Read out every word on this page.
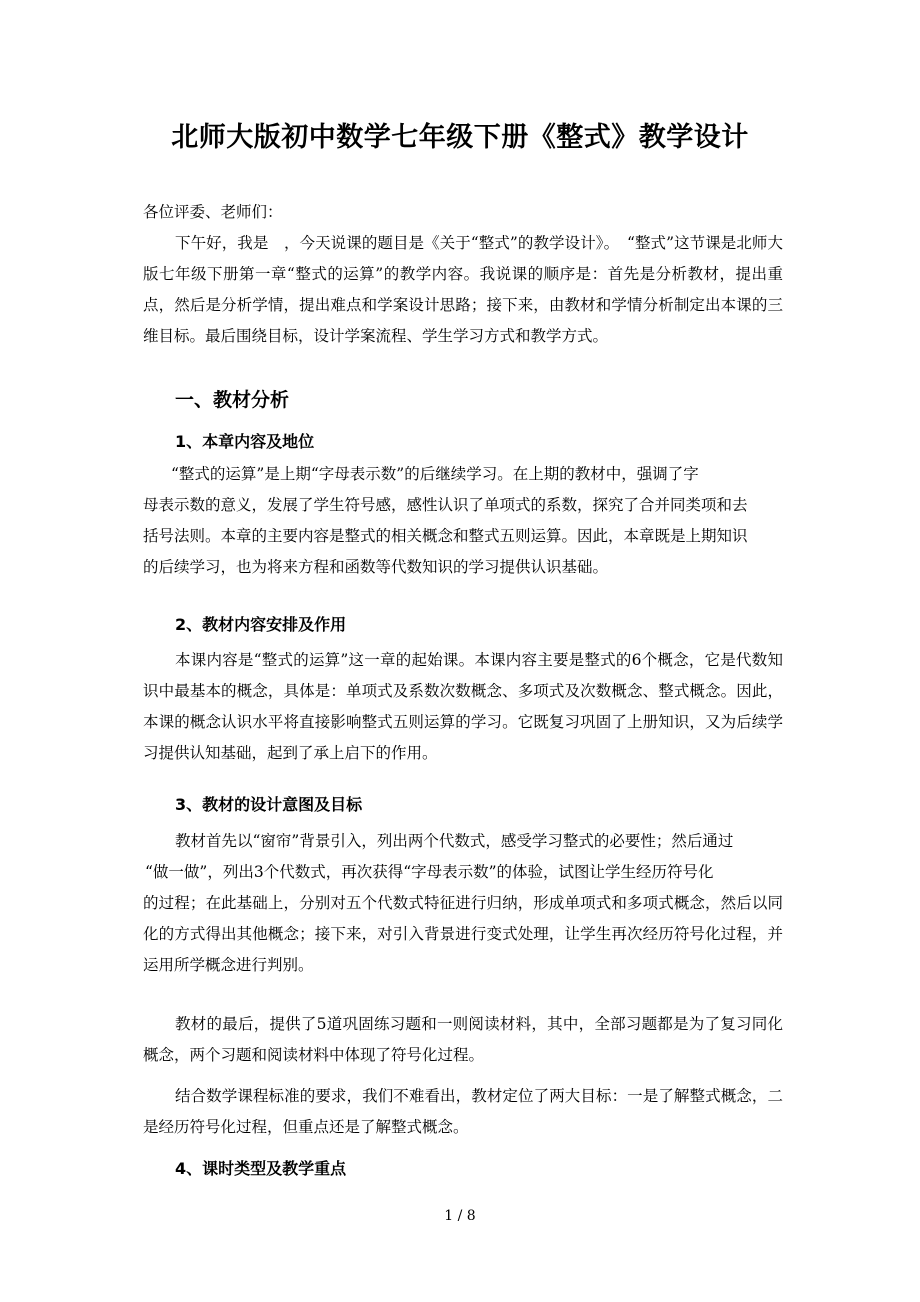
北师大版初中数学七年级下册《整式》教学设计
各位评委、老师们：
下午好，我是　，今天说课的题目是《关于“整式”的教学设计》。　“整式”这节课是北师大版七年级下册第一章“整式的运算”的教学内容。我说课的顺序是：首先是分析教材，提出重点，然后是分析学情，提出难点和学案设计思路；接下来，由教材和学情分析制定出本课的三维目标。最后围绕目标，设计学案流程、学生学习方式和教学方式。
一、教材分析
1、本章内容及地位
“整式的运算”是上期“字母表示数”的后继续学习。在上期的教材中，强调了字
母表示数的意义，发展了学生符号感，感性认识了单项式的系数，探究了合并同类项和去
括号法则。本章的主要内容是整式的相关概念和整式五则运算。因此，本章既是上期知识
的后续学习，也为将来方程和函数等代数知识的学习提供认识基础。
2、教材内容安排及作用
本课内容是“整式的运算”这一章的起始课。本课内容主要是整式的6个概念，它是代数知识中最基本的概念，具体是：单项式及系数次数概念、多项式及次数概念、整式概念。因此，本课的概念认识水平将直接影响整式五则运算的学习。它既复习巩固了上册知识，又为后续学习提供认知基础，起到了承上启下的作用。
3、教材的设计意图及目标
教材首先以“窗帘”背景引入，列出两个代数式，感受学习整式的必要性；然后通过
“做一做”，列出3个代数式，再次获得“字母表示数”的体验，试图让学生经历符号化
的过程；在此基础上，分别对五个代数式特征进行归纳，形成单项式和多项式概念，然后以同化的方式得出其他概念；接下来，对引入背景进行变式处理，让学生再次经历符号化过程，并运用所学概念进行判别。
教材的最后，提供了5道巩固练习题和一则阅读材料，其中，全部习题都是为了复习同化概念，两个习题和阅读材料中体现了符号化过程。
结合数学课程标准的要求，我们不难看出，教材定位了两大目标：一是了解整式概念，二是经历符号化过程，但重点还是了解整式概念。
4、课时类型及教学重点
1 / 8
